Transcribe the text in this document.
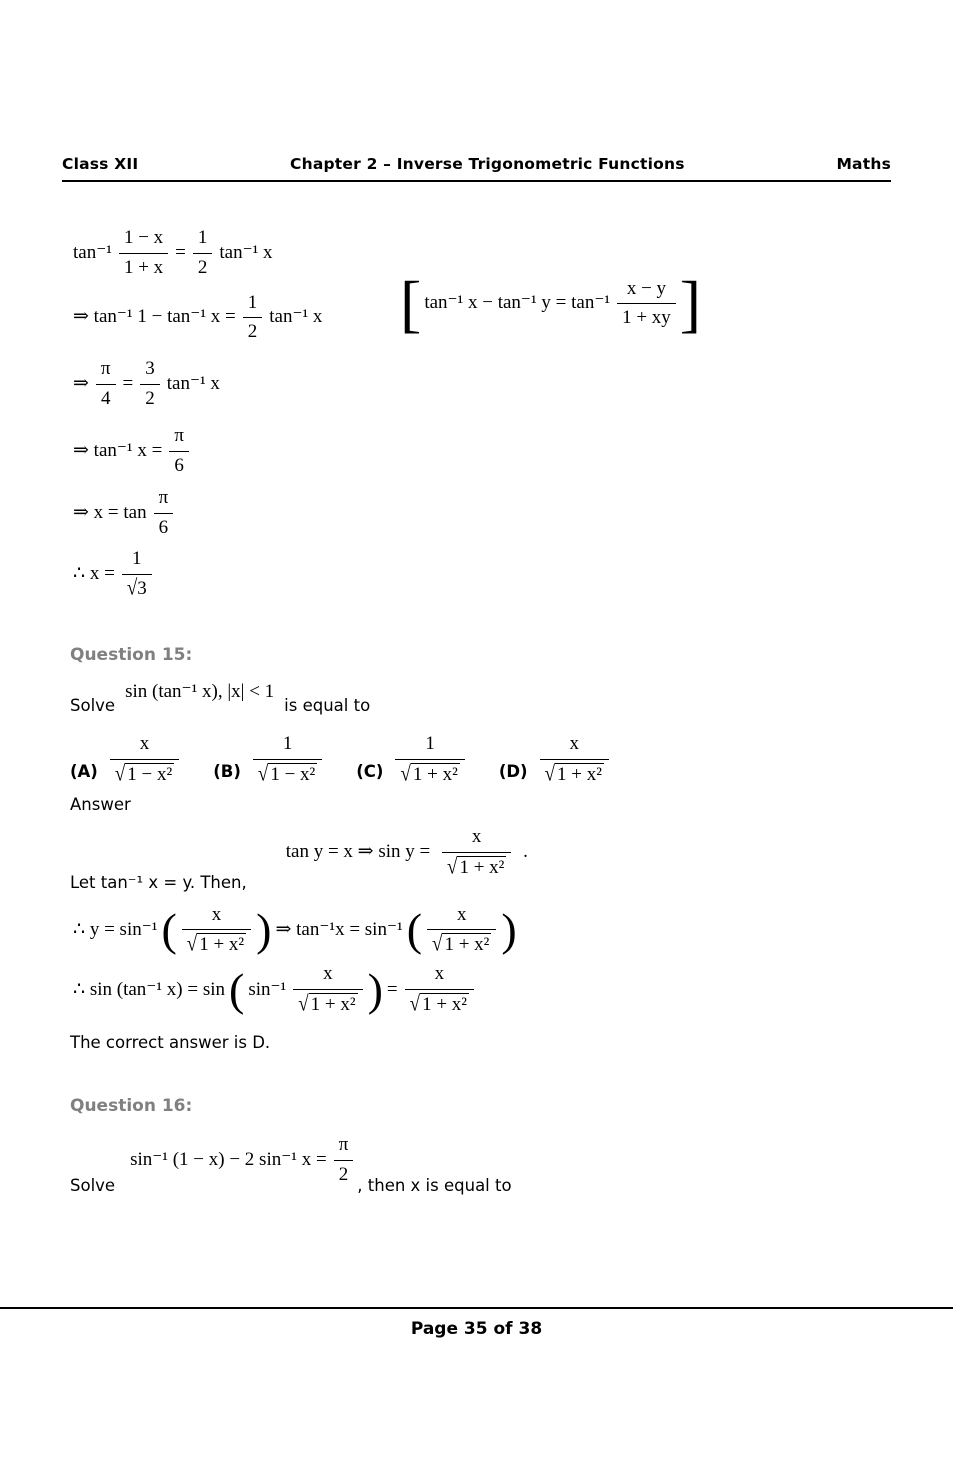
Class XII	Chapter 2 – Inverse Trigonometric Functions	Maths
$\tan^{-1} \frac{1 - x}{1 + x} = \frac{1}{2} \tan^{-1}$ x
⇒ tan⁻¹ 1 − tan⁻¹ $x = \frac{1}{2} \tan^{-1}$ x [ tan⁻¹ x − tan⁻¹ $y = \tan^{-1} \frac{x - y}{1 + xy}$ ]
⇒ $\frac{\pi}{4} = \frac{3}{2} \tan^{-1}$ x
⇒ tan⁻¹ $x = \frac{\pi}{6}$
⇒ $x = \tan \frac{\pi}{6}$
∴ $x = \frac{1}{√3}$
Question 15:
Solve
sin (tan⁻¹ x), |x| < 1
is equal to
$(A) \frac{x}{\text{√ 1 − x²}} (B) \frac{1}{\text{√ 1 − x²}} (C) \frac{1}{\text{√ 1 + x²}} (D) \frac{x}{\text{√ 1 + x²}}$
Answer
Let tan⁻¹ x = y. Then,
tan y = x ⇒ $\sin y = \frac{x}{\text{√ 1 + x²}}$ .
∴ y = sin⁻¹ ( $\frac{x}{\text{√ 1 + x²}}$ ) ⇒ tan⁻¹x = sin⁻¹ ( $\frac{x}{\text{√ 1 + x²}}$ )
∴ sin (tan⁻¹ x) = sin ( $\sin^{-1} \frac{x}{\text{√ 1 + x²}}$ ) = $\frac{x}{\text{√ 1 + x²}}$
The correct answer is D.
Question 16:
Solve
sin⁻¹ (1 − x) − 2 sin⁻¹ $x = \frac{\pi}{2}$ , then x is equal to
Page 35 of 38
